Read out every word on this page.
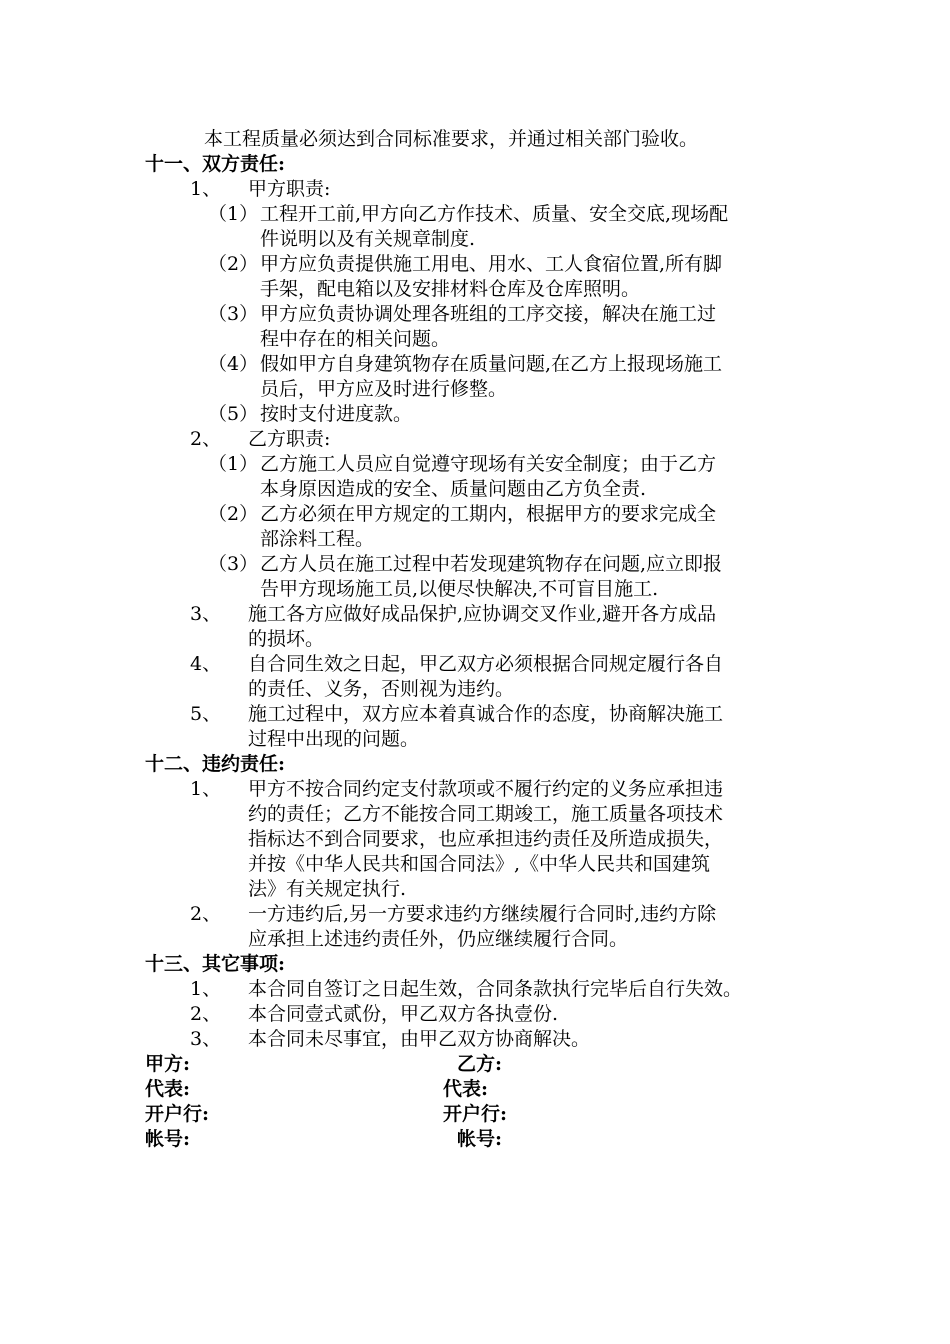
本工程质量必须达到合同标准要求，并通过相关部门验收。
十一、双方责任:
1、 甲方职责:
（1） 工程开工前,甲方向乙方作技术、质量、安全交底,现场配
件说明以及有关规章制度.
（2） 甲方应负责提供施工用电、用水、工人食宿位置,所有脚
手架，配电箱以及安排材料仓库及仓库照明。
（3） 甲方应负责协调处理各班组的工序交接，解决在施工过
程中存在的相关问题。
（4） 假如甲方自身建筑物存在质量问题,在乙方上报现场施工
员后，甲方应及时进行修整。
（5） 按时支付进度款。
2、 乙方职责:
（1） 乙方施工人员应自觉遵守现场有关安全制度；由于乙方
本身原因造成的安全、质量问题由乙方负全责.
（2） 乙方必须在甲方规定的工期内，根据甲方的要求完成全
部涂料工程。
（3） 乙方人员在施工过程中若发现建筑物存在问题,应立即报
告甲方现场施工员,以便尽快解决,不可盲目施工.
3、 施工各方应做好成品保护,应协调交叉作业,避开各方成品
的损坏。
4、 自合同生效之日起，甲乙双方必须根据合同规定履行各自
的责任、义务，否则视为违约。
5、 施工过程中，双方应本着真诚合作的态度，协商解决施工
过程中出现的问题。
十二、违约责任:
1、 甲方不按合同约定支付款项或不履行约定的义务应承担违
约的责任；乙方不能按合同工期竣工，施工质量各项技术
指标达不到合同要求，也应承担违约责任及所造成损失，
并按《中华人民共和国合同法》,《中华人民共和国建筑
法》有关规定执行.
2、 一方违约后,另一方要求违约方继续履行合同时,违约方除
应承担上述违约责任外，仍应继续履行合同。
十三、其它事项:
1、 本合同自签订之日起生效，合同条款执行完毕后自行失效。
2、 本合同壹式贰份，甲乙双方各执壹份.
3、 本合同未尽事宜，由甲乙双方协商解决。
甲方:	乙方:
代表:	代表:
开户行:	开户行:
帐号:	帐号:
